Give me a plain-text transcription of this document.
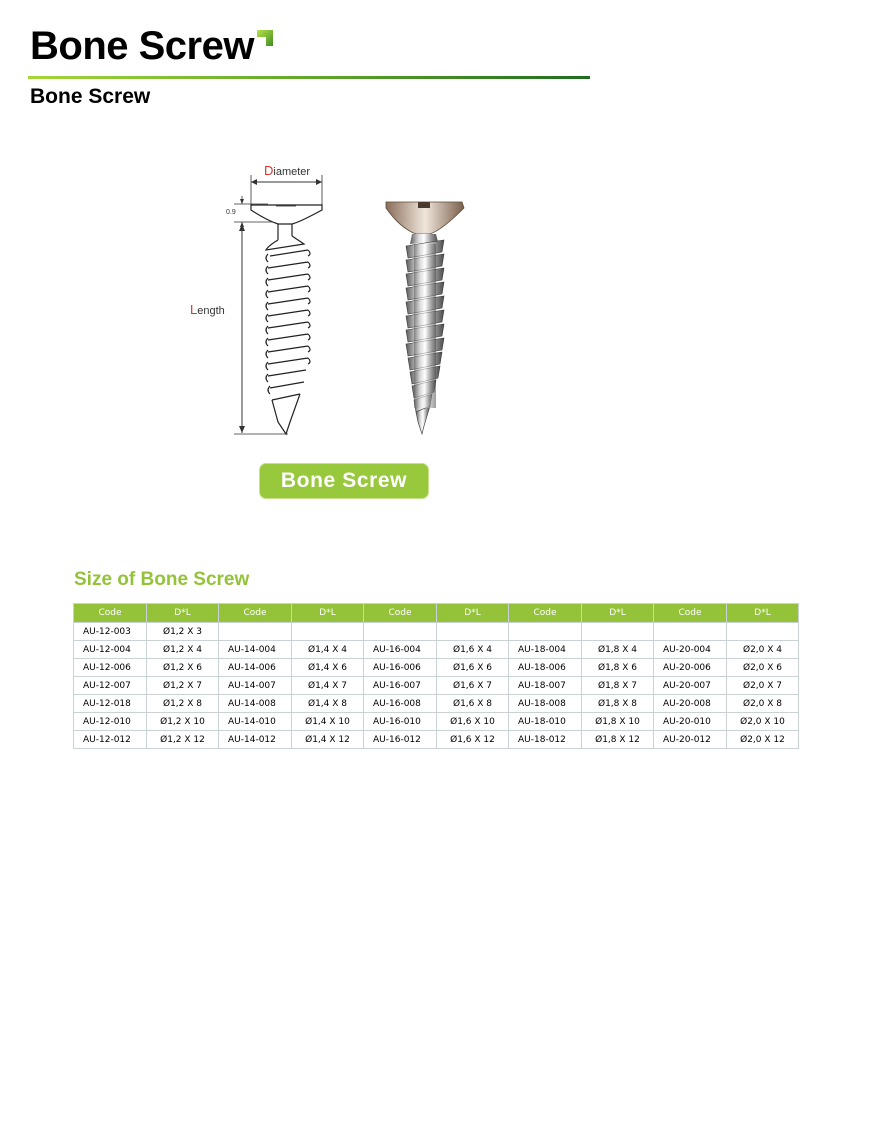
Bone Screw
Bone Screw
Diameter
0.9
Length
Bone Screw
Size of Bone Screw
Code	D*L	Code	D*L	Code	D*L	Code	D*L	Code	D*L
AU-12-003	Ø1,2 X 3								
AU-12-004	Ø1,2 X 4	AU-14-004	Ø1,4 X 4	AU-16-004	Ø1,6 X 4	AU-18-004	Ø1,8 X 4	AU-20-004	Ø2,0 X 4
AU-12-006	Ø1,2 X 6	AU-14-006	Ø1,4 X 6	AU-16-006	Ø1,6 X 6	AU-18-006	Ø1,8 X 6	AU-20-006	Ø2,0 X 6
AU-12-007	Ø1,2 X 7	AU-14-007	Ø1,4 X 7	AU-16-007	Ø1,6 X 7	AU-18-007	Ø1,8 X 7	AU-20-007	Ø2,0 X 7
AU-12-018	Ø1,2 X 8	AU-14-008	Ø1,4 X 8	AU-16-008	Ø1,6 X 8	AU-18-008	Ø1,8 X 8	AU-20-008	Ø2,0 X 8
AU-12-010	Ø1,2 X 10	AU-14-010	Ø1,4 X 10	AU-16-010	Ø1,6 X 10	AU-18-010	Ø1,8 X 10	AU-20-010	Ø2,0 X 10
AU-12-012	Ø1,2 X 12	AU-14-012	Ø1,4 X 12	AU-16-012	Ø1,6 X 12	AU-18-012	Ø1,8 X 12	AU-20-012	Ø2,0 X 12
